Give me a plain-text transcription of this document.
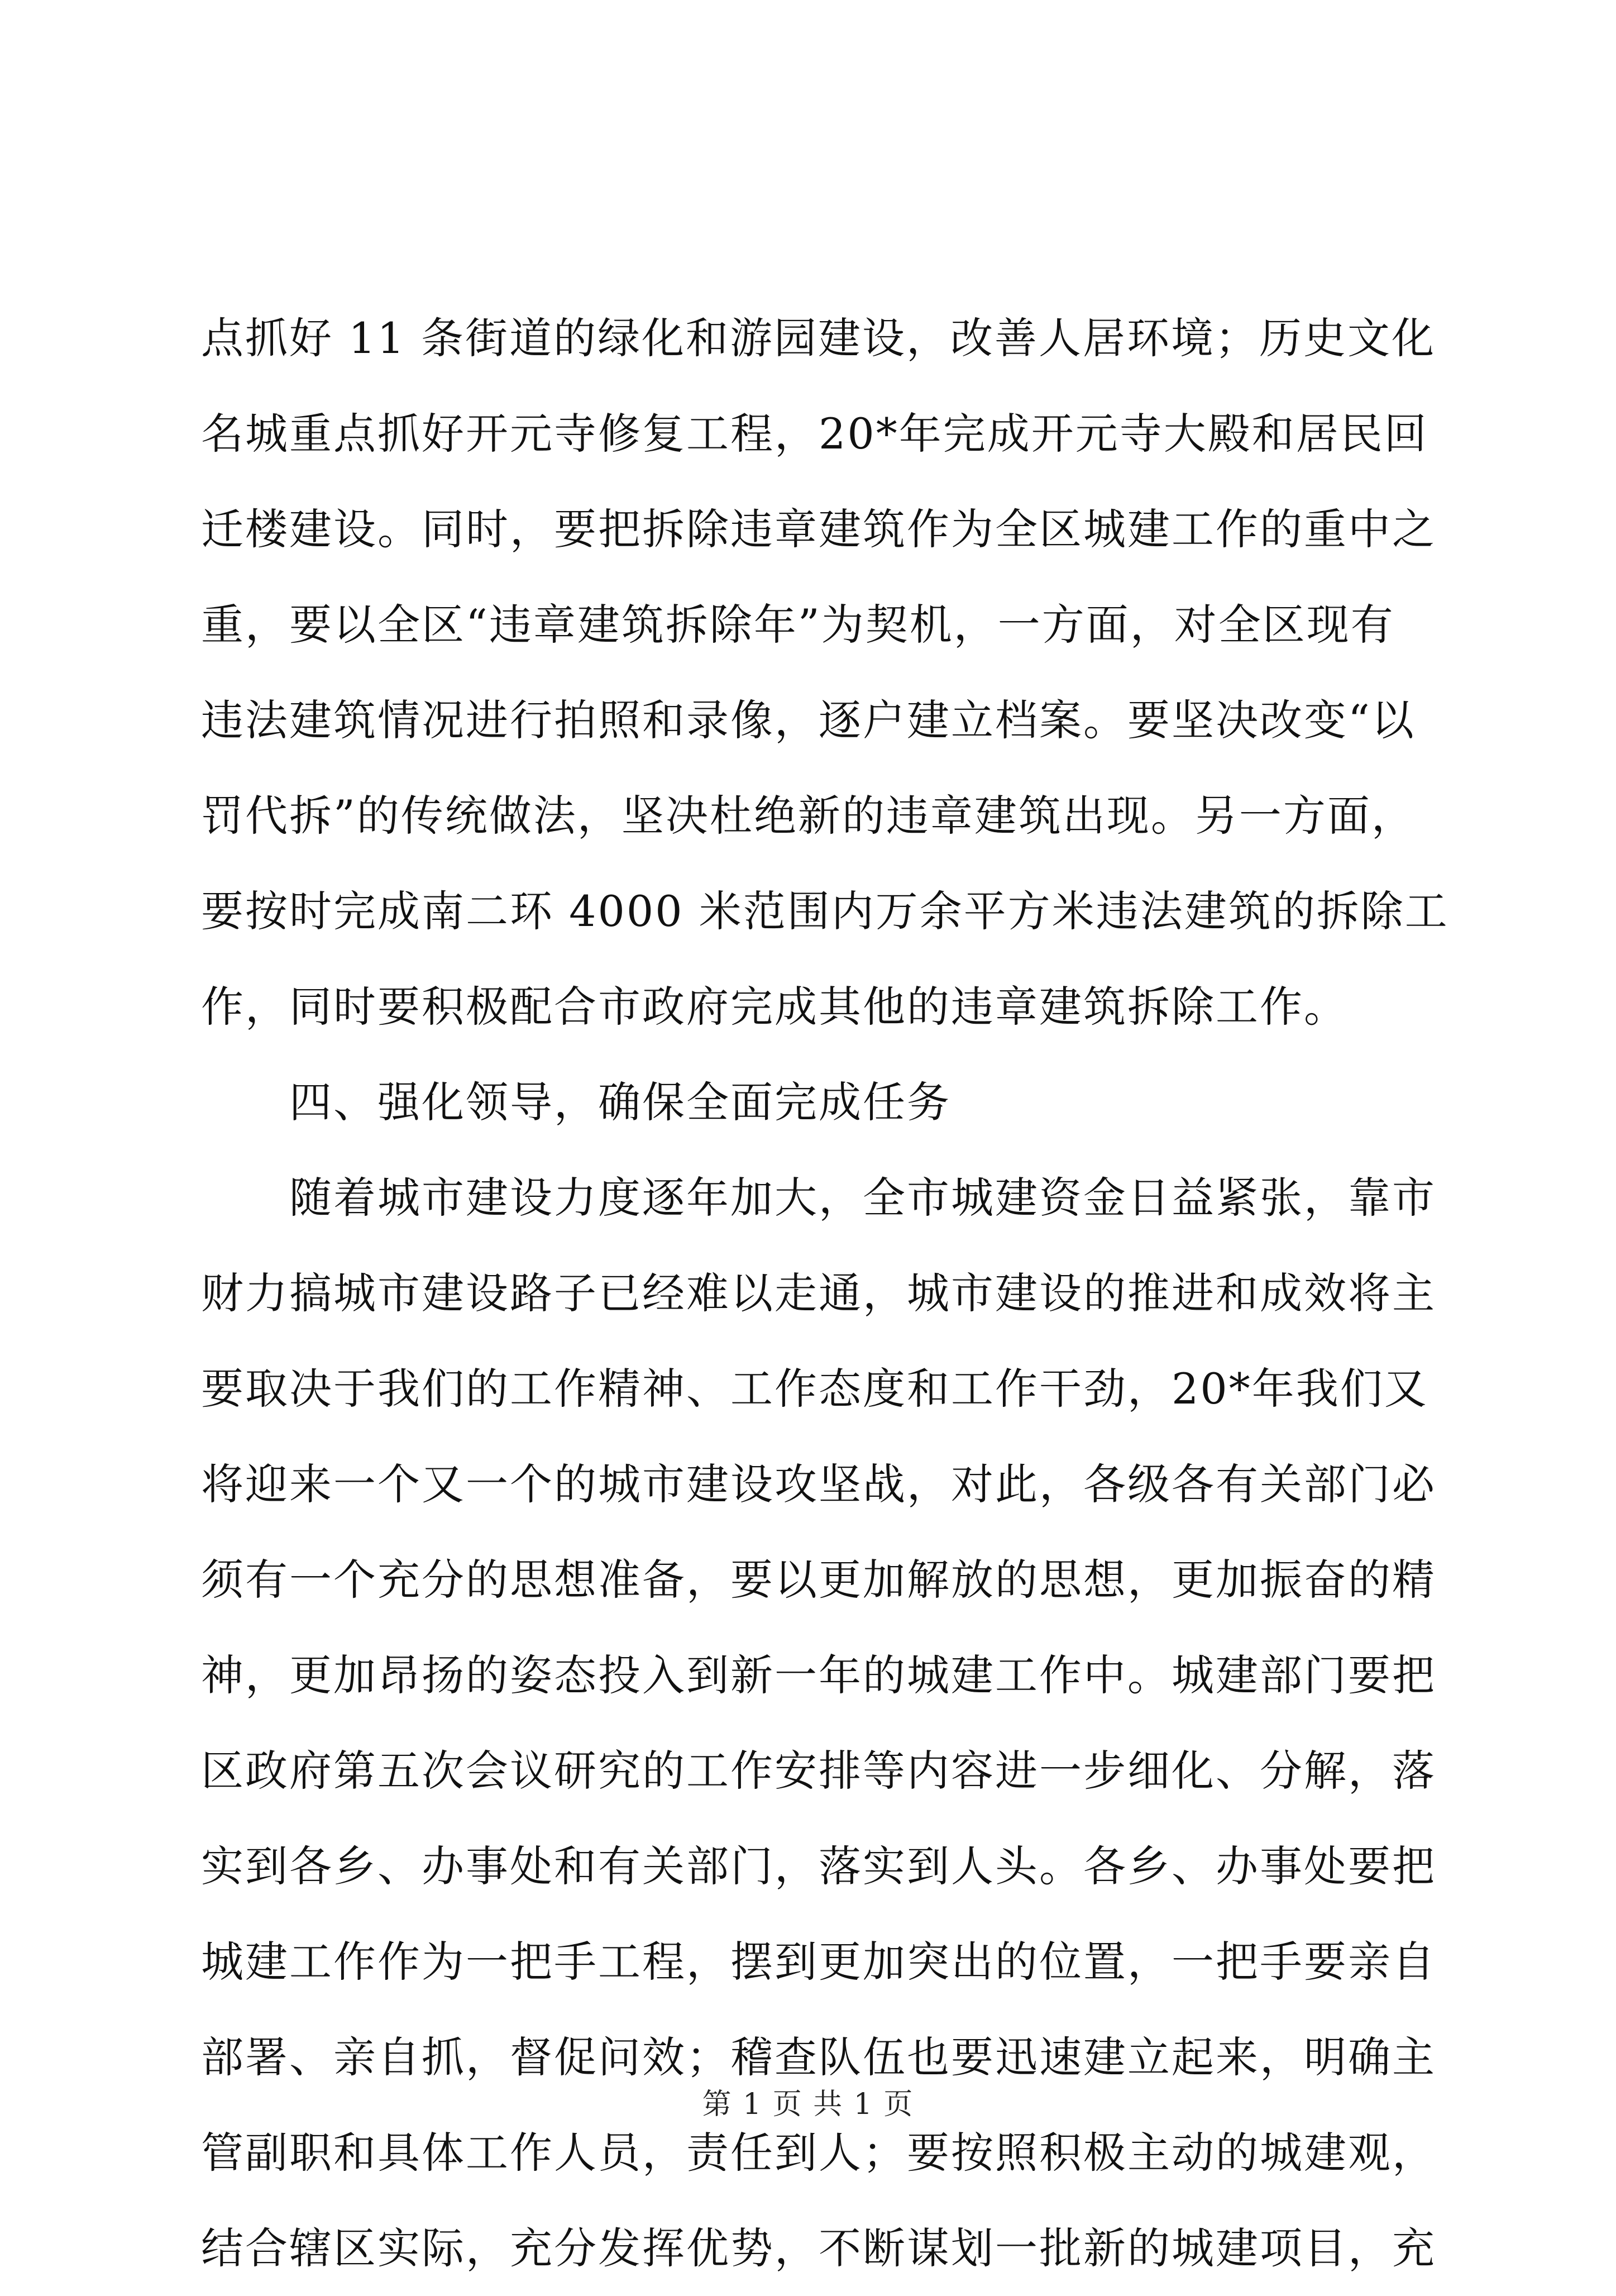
点抓好 11 条街道的绿化和游园建设，改善人居环境；历史文化
名城重点抓好开元寺修复工程，20*年完成开元寺大殿和居民回
迁楼建设。同时，要把拆除违章建筑作为全区城建工作的重中之
重，要以全区“违章建筑拆除年”为契机，一方面，对全区现有
违法建筑情况进行拍照和录像，逐户建立档案。要坚决改变“以
罚代拆”的传统做法，坚决杜绝新的违章建筑出现。另一方面，
要按时完成南二环 4000 米范围内万余平方米违法建筑的拆除工
作，同时要积极配合市政府完成其他的违章建筑拆除工作。
　　四、强化领导，确保全面完成任务
　　随着城市建设力度逐年加大，全市城建资金日益紧张，靠市
财力搞城市建设路子已经难以走通，城市建设的推进和成效将主
要取决于我们的工作精神、工作态度和工作干劲，20*年我们又
将迎来一个又一个的城市建设攻坚战，对此，各级各有关部门必
须有一个充分的思想准备，要以更加解放的思想，更加振奋的精
神，更加昂扬的姿态投入到新一年的城建工作中。城建部门要把
区政府第五次会议研究的工作安排等内容进一步细化、分解，落
实到各乡、办事处和有关部门，落实到人头。各乡、办事处要把
城建工作作为一把手工程，摆到更加突出的位置，一把手要亲自
部署、亲自抓，督促问效；稽查队伍也要迅速建立起来，明确主
管副职和具体工作人员，责任到人；要按照积极主动的城建观，
结合辖区实际，充分发挥优势，不断谋划一批新的城建项目，充
第 1 页 共 1 页
